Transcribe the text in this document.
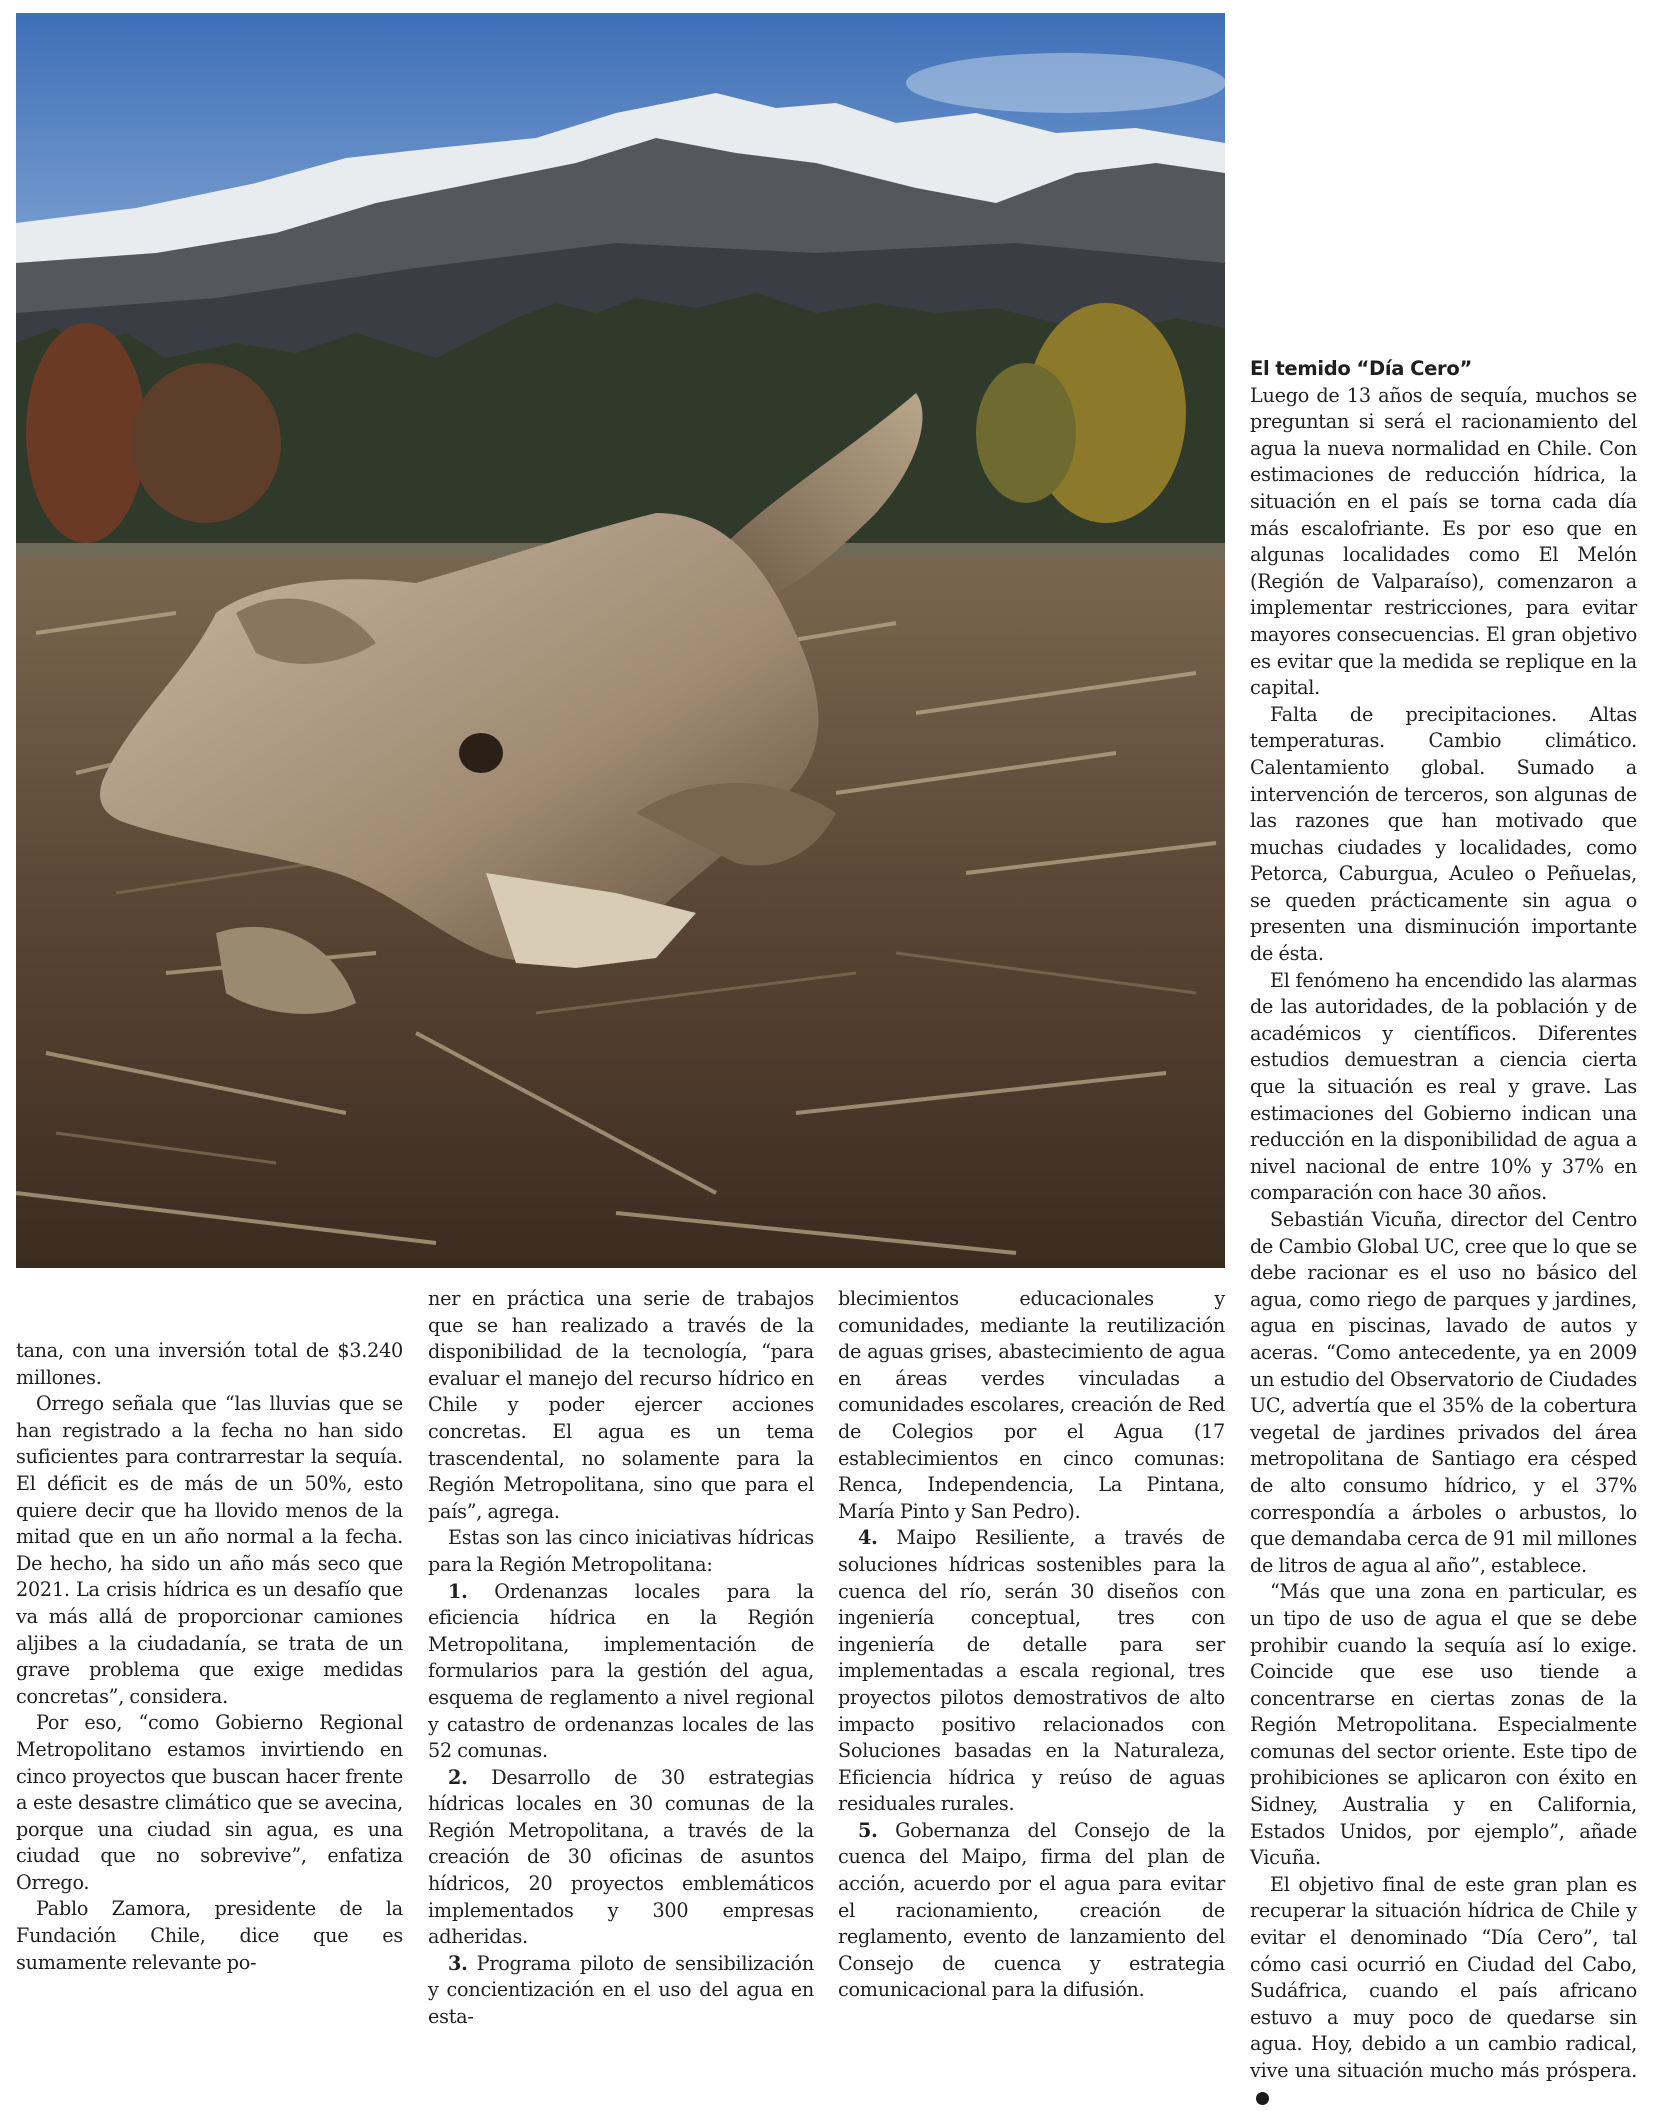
tana, con una inversión total de $3.240 millones.

Orrego señala que “las lluvias que se han registrado a la fecha no han sido suficientes para contrarrestar la sequía. El déficit es de más de un 50%, esto quiere decir que ha llovido menos de la mitad que en un año normal a la fecha. De hecho, ha sido un año más seco que 2021. La crisis hídrica es un desafío que va más allá de proporcionar camiones aljibes a la ciudadanía, se trata de un grave problema que exige medidas concretas”, considera.

Por eso, “como Gobierno Regional Metropolitano estamos invirtiendo en cinco proyectos que buscan hacer frente a este desastre climático que se avecina, porque una ciudad sin agua, es una ciudad que no sobrevive”, enfatiza Orrego.

Pablo Zamora, presidente de la Fundación Chile, dice que es sumamente relevante po-

ner en práctica una serie de trabajos que se han realizado a través de la disponibilidad de la tecnología, “para evaluar el manejo del recurso hídrico en Chile y poder ejercer acciones concretas. El agua es un tema trascendental, no solamente para la Región Metropolitana, sino que para el país”, agrega.

Estas son las cinco iniciativas hídricas para la Región Metropolitana:

1. Ordenanzas locales para la eficiencia hídrica en la Región Metropolitana, implementación de formularios para la gestión del agua, esquema de reglamento a nivel regional y catastro de ordenanzas locales de las 52 comunas.

2. Desarrollo de 30 estrategias hídricas locales en 30 comunas de la Región Metropolitana, a través de la creación de 30 oficinas de asuntos hídricos, 20 proyectos emblemáticos implementados y 300 empresas adheridas.

3. Programa piloto de sensibilización y concientización en el uso del agua en esta-

blecimientos educacionales y comunidades, mediante la reutilización de aguas grises, abastecimiento de agua en áreas verdes vinculadas a comunidades escolares, creación de Red de Colegios por el Agua (17 establecimientos en cinco comunas: Renca, Independencia, La Pintana, María Pinto y San Pedro).

4. Maipo Resiliente, a través de soluciones hídricas sostenibles para la cuenca del río, serán 30 diseños con ingeniería conceptual, tres con ingeniería de detalle para ser implementadas a escala regional, tres proyectos pilotos demostrativos de alto impacto positivo relacionados con Soluciones basadas en la Naturaleza, Eficiencia hídrica y reúso de aguas residuales rurales.

5. Gobernanza del Consejo de la cuenca del Maipo, firma del plan de acción, acuerdo por el agua para evitar el racionamiento, creación de reglamento, evento de lanzamiento del Consejo de cuenca y estrategia comunicacional para la difusión.

El temido “Día Cero”

Luego de 13 años de sequía, muchos se preguntan si será el racionamiento del agua la nueva normalidad en Chile. Con estimaciones de reducción hídrica, la situación en el país se torna cada día más escalofriante. Es por eso que en algunas localidades como El Melón (Región de Valparaíso), comenzaron a implementar restricciones, para evitar mayores consecuencias. El gran objetivo es evitar que la medida se replique en la capital.

Falta de precipitaciones. Altas temperaturas. Cambio climático. Calentamiento global. Sumado a intervención de terceros, son algunas de las razones que han motivado que muchas ciudades y localidades, como Petorca, Caburgua, Aculeo o Peñuelas, se queden prácticamente sin agua o presenten una disminución importante de ésta.

El fenómeno ha encendido las alarmas de las autoridades, de la población y de académicos y científicos. Diferentes estudios demuestran a ciencia cierta que la situación es real y grave. Las estimaciones del Gobierno indican una reducción en la disponibilidad de agua a nivel nacional de entre 10% y 37% en comparación con hace 30 años.

Sebastián Vicuña, director del Centro de Cambio Global UC, cree que lo que se debe racionar es el uso no básico del agua, como riego de parques y jardines, agua en piscinas, lavado de autos y aceras. “Como antecedente, ya en 2009 un estudio del Observatorio de Ciudades UC, advertía que el 35% de la cobertura vegetal de jardines privados del área metropolitana de Santiago era césped de alto consumo hídrico, y el 37% correspondía a árboles o arbustos, lo que demandaba cerca de 91 mil millones de litros de agua al año”, establece.

“Más que una zona en particular, es un tipo de uso de agua el que se debe prohibir cuando la sequía así lo exige. Coincide que ese uso tiende a concentrarse en ciertas zonas de la Región Metropolitana. Especialmente comunas del sector oriente. Este tipo de prohibiciones se aplicaron con éxito en Sidney, Australia y en California, Estados Unidos, por ejemplo”, añade Vicuña.

El objetivo final de este gran plan es recuperar la situación hídrica de Chile y evitar el denominado “Día Cero”, tal cómo casi ocurrió en Ciudad del Cabo, Sudáfrica, cuando el país africano estuvo a muy poco de quedarse sin agua. Hoy, debido a un cambio radical, vive una situación mucho más próspera.
